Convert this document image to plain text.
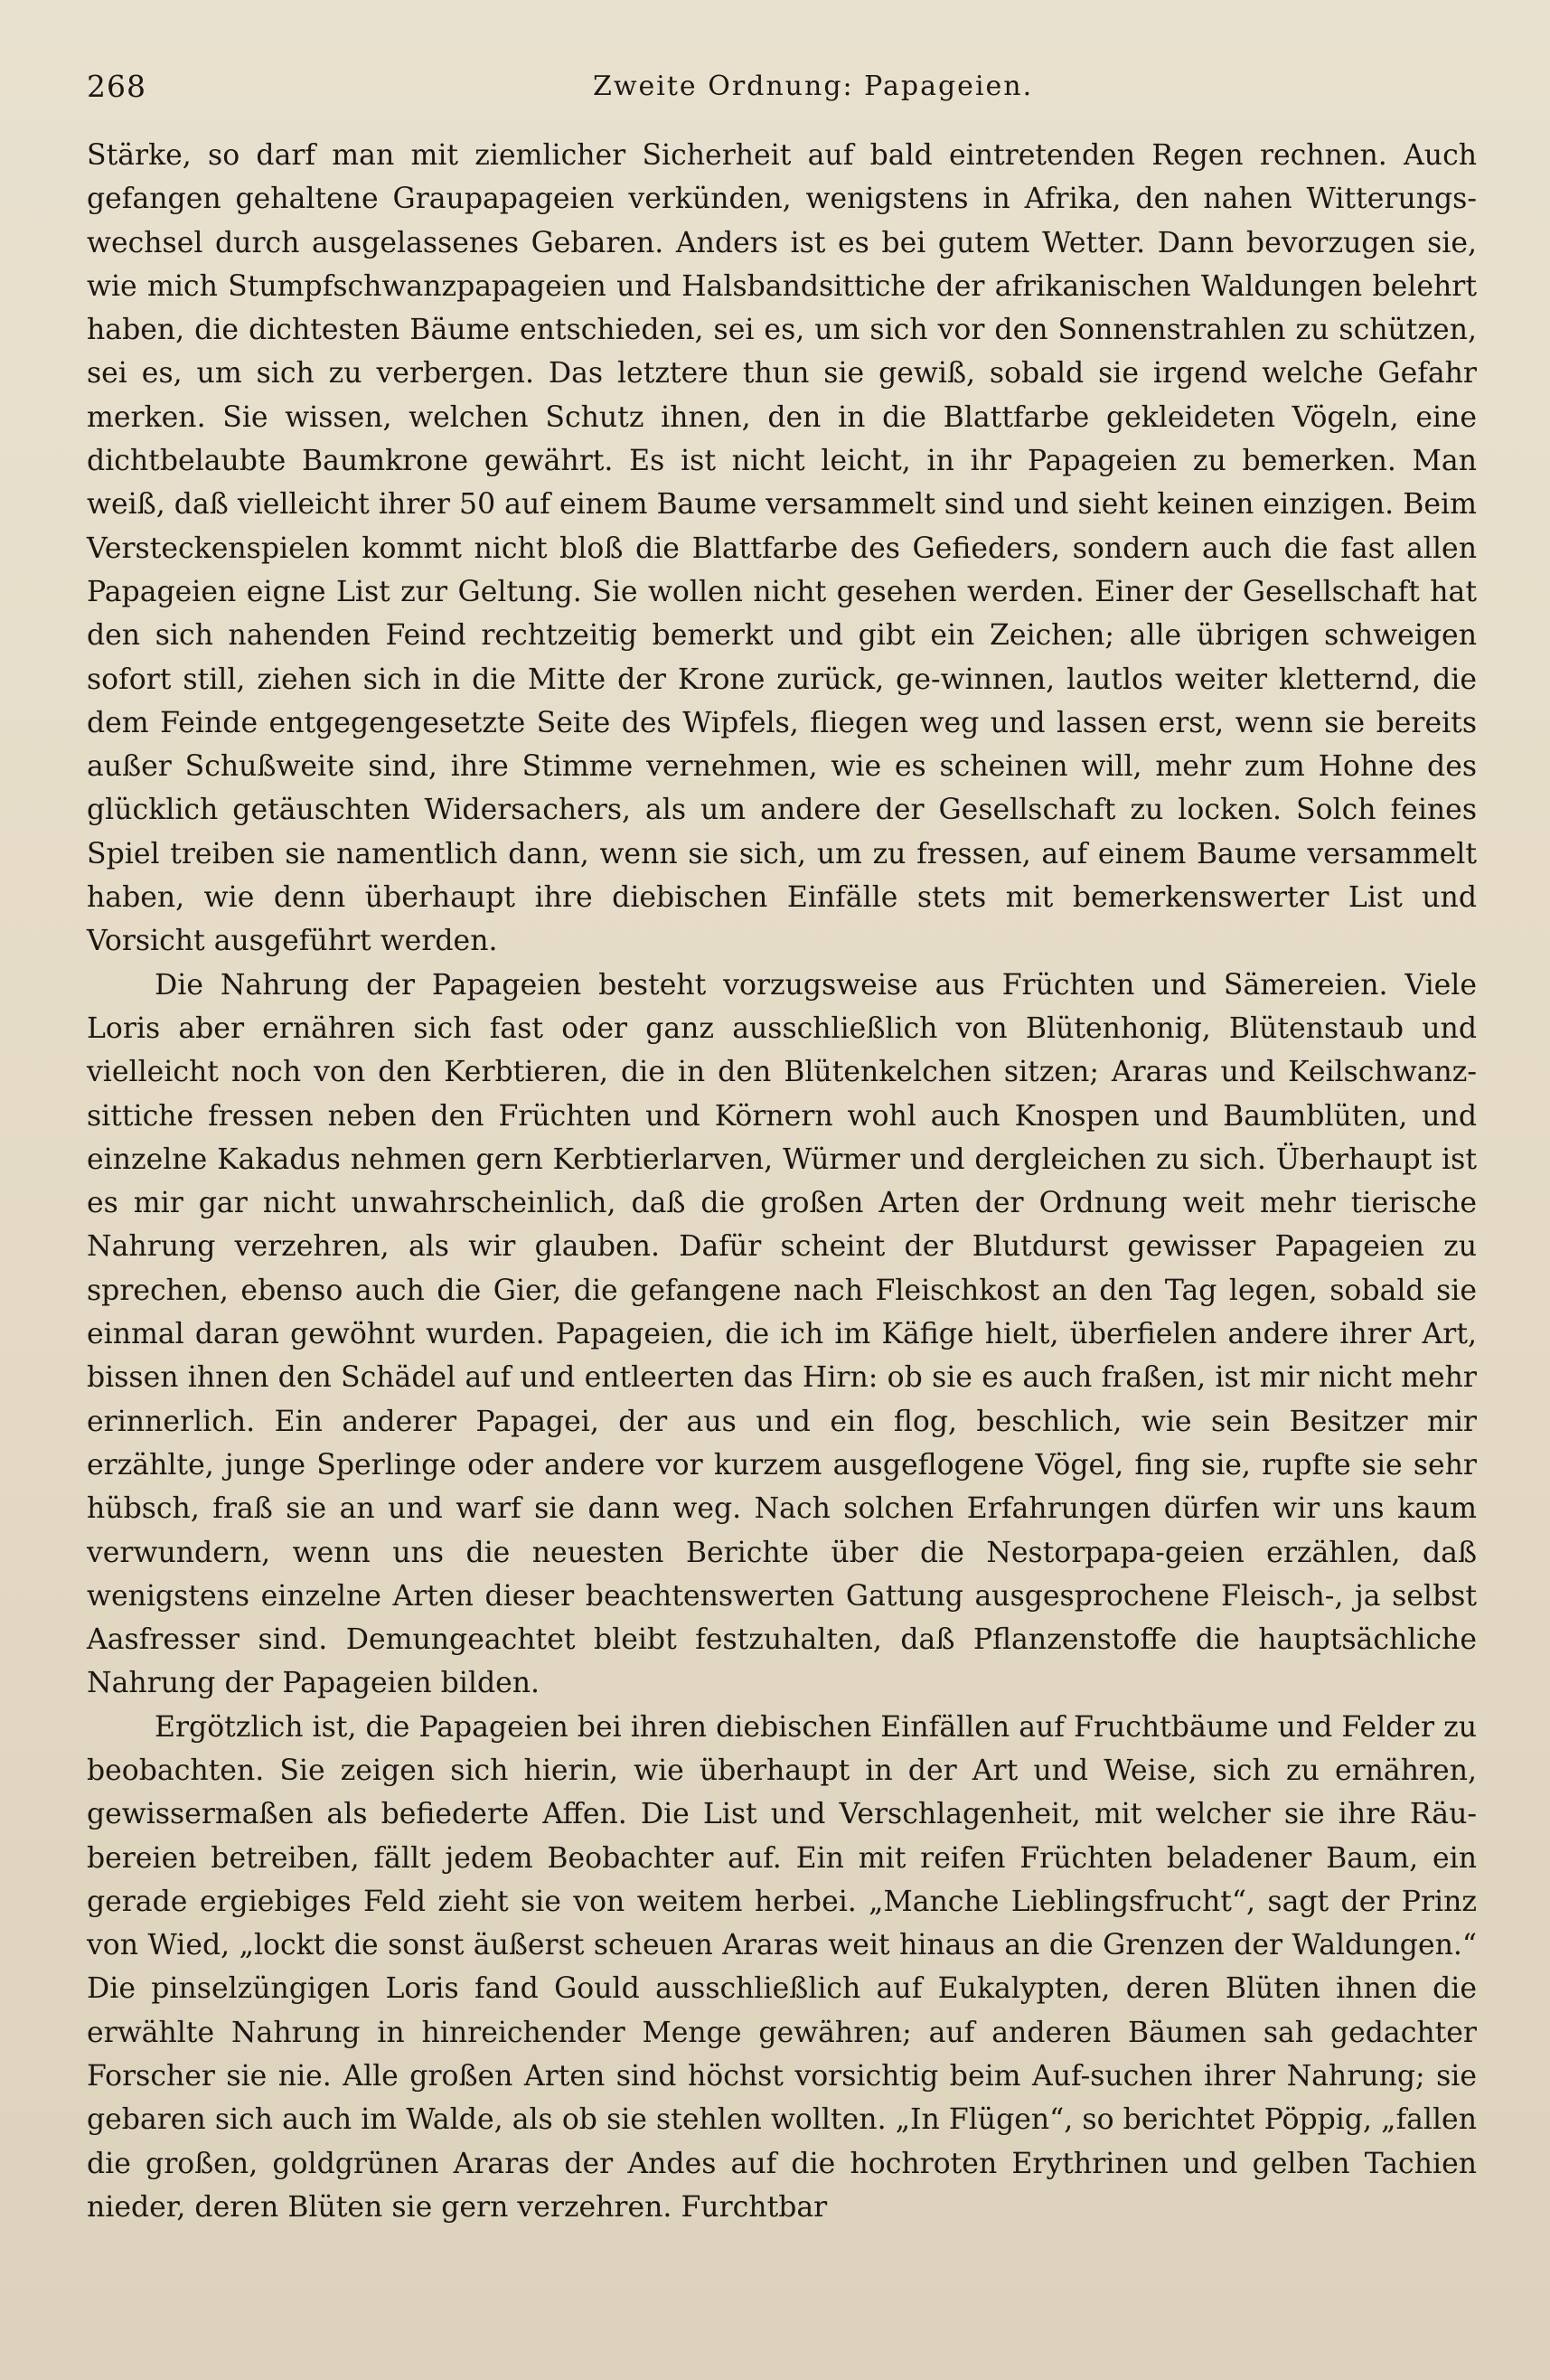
268	Zweite Ordnung: Papageien.

Stärke, so darf man mit ziemlicher Sicherheit auf bald eintretenden Regen rechnen. Auch gefangen gehaltene Graupapageien verkünden, wenigstens in Afrika, den nahen Witterungs-wechsel durch ausgelassenes Gebaren. Anders ist es bei gutem Wetter. Dann bevorzugen sie, wie mich Stumpfschwanzpapageien und Halsbandsittiche der afrikanischen Waldungen belehrt haben, die dichtesten Bäume entschieden, sei es, um sich vor den Sonnenstrahlen zu schützen, sei es, um sich zu verbergen. Das letztere thun sie gewiß, sobald sie irgend welche Gefahr merken. Sie wissen, welchen Schutz ihnen, den in die Blattfarbe gekleideten Vögeln, eine dichtbelaubte Baumkrone gewährt. Es ist nicht leicht, in ihr Papageien zu bemerken. Man weiß, daß vielleicht ihrer 50 auf einem Baume versammelt sind und sieht keinen einzigen. Beim Versteckenspielen kommt nicht bloß die Blattfarbe des Gefieders, sondern auch die fast allen Papageien eigne List zur Geltung. Sie wollen nicht gesehen werden. Einer der Gesellschaft hat den sich nahenden Feind rechtzeitig bemerkt und gibt ein Zeichen; alle übrigen schweigen sofort still, ziehen sich in die Mitte der Krone zurück, ge-winnen, lautlos weiter kletternd, die dem Feinde entgegengesetzte Seite des Wipfels, fliegen weg und lassen erst, wenn sie bereits außer Schußweite sind, ihre Stimme vernehmen, wie es scheinen will, mehr zum Hohne des glücklich getäuschten Widersachers, als um andere der Gesellschaft zu locken. Solch feines Spiel treiben sie namentlich dann, wenn sie sich, um zu fressen, auf einem Baume versammelt haben, wie denn überhaupt ihre diebischen Einfälle stets mit bemerkenswerter List und Vorsicht ausgeführt werden.

Die Nahrung der Papageien besteht vorzugsweise aus Früchten und Sämereien. Viele Loris aber ernähren sich fast oder ganz ausschließlich von Blütenhonig, Blütenstaub und vielleicht noch von den Kerbtieren, die in den Blütenkelchen sitzen; Araras und Keilschwanz-sittiche fressen neben den Früchten und Körnern wohl auch Knospen und Baumblüten, und einzelne Kakadus nehmen gern Kerbtierlarven, Würmer und dergleichen zu sich. Überhaupt ist es mir gar nicht unwahrscheinlich, daß die großen Arten der Ordnung weit mehr tierische Nahrung verzehren, als wir glauben. Dafür scheint der Blutdurst gewisser Papageien zu sprechen, ebenso auch die Gier, die gefangene nach Fleischkost an den Tag legen, sobald sie einmal daran gewöhnt wurden. Papageien, die ich im Käfige hielt, überfielen andere ihrer Art, bissen ihnen den Schädel auf und entleerten das Hirn: ob sie es auch fraßen, ist mir nicht mehr erinnerlich. Ein anderer Papagei, der aus und ein flog, beschlich, wie sein Besitzer mir erzählte, junge Sperlinge oder andere vor kurzem ausgeflogene Vögel, fing sie, rupfte sie sehr hübsch, fraß sie an und warf sie dann weg. Nach solchen Erfahrungen dürfen wir uns kaum verwundern, wenn uns die neuesten Berichte über die Nestorpapa-geien erzählen, daß wenigstens einzelne Arten dieser beachtenswerten Gattung ausgesprochene Fleisch-, ja selbst Aasfresser sind. Demungeachtet bleibt festzuhalten, daß Pflanzenstoffe die hauptsächliche Nahrung der Papageien bilden.

Ergötzlich ist, die Papageien bei ihren diebischen Einfällen auf Fruchtbäume und Felder zu beobachten. Sie zeigen sich hierin, wie überhaupt in der Art und Weise, sich zu ernähren, gewissermaßen als befiederte Affen. Die List und Verschlagenheit, mit welcher sie ihre Räu-bereien betreiben, fällt jedem Beobachter auf. Ein mit reifen Früchten beladener Baum, ein gerade ergiebiges Feld zieht sie von weitem herbei. „Manche Lieblingsfrucht“, sagt der Prinz von Wied, „lockt die sonst äußerst scheuen Araras weit hinaus an die Grenzen der Waldungen.“ Die pinselzüngigen Loris fand Gould ausschließlich auf Eukalypten, deren Blüten ihnen die erwählte Nahrung in hinreichender Menge gewähren; auf anderen Bäumen sah gedachter Forscher sie nie. Alle großen Arten sind höchst vorsichtig beim Auf-suchen ihrer Nahrung; sie gebaren sich auch im Walde, als ob sie stehlen wollten. „In Flügen“, so berichtet Pöppig, „fallen die großen, goldgrünen Araras der Andes auf die hochroten Erythrinen und gelben Tachien nieder, deren Blüten sie gern verzehren. Furchtbar
